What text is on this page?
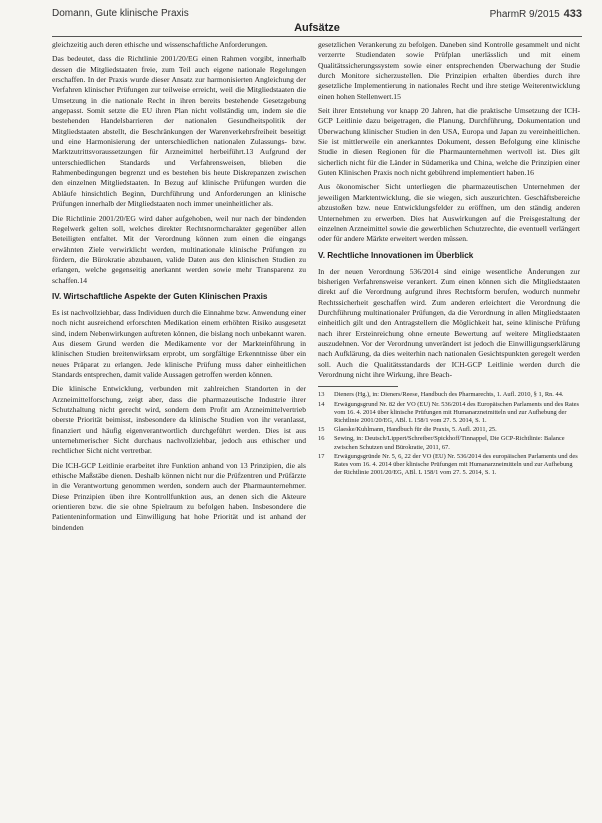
Domann, Gute klinische Praxis	PharmR 9/2015 433
Aufsätze

gleichzeitig auch deren ethische und wissenschaftliche Anforderungen.

Das bedeutet, dass die Richtlinie 2001/20/EG einen Rahmen vorgibt, innerhalb dessen die Mitgliedstaaten freie, zum Teil auch eigene nationale Regelungen erschaffen. In der Praxis wurde dieser Ansatz zur harmonisierten Angleichung der Verfahren klinischer Prüfungen zur teilweise erreicht, weil die Mitgliedstaaten die Umsetzung in die nationale Recht in ihren bereits bestehende Gesetzgebung angepasst. Somit setzte die EU ihren Plan nicht vollständig um, indem sie die bestehenden Handelsbarrieren der nationalen Gesundheitspolitik der Mitgliedstaaten abstellt, die Beschränkungen der Warenverkehrsfreiheit beseitigt und eine Harmonisierung der unterschiedlichen nationalen Zulassungs- bzw. Marktzutrittsvoraussetzungen für Arzneimittel herbeiführt.13 Aufgrund der unterschiedlichen Standards und Verfahrensweisen, blieben die Rahmenbedingungen begrenzt und es bestehen bis heute Diskrepanzen zwischen den einzelnen Mitgliedstaaten. In Bezug auf klinische Prüfungen wurden die Abläufe hinsichtlich Beginn, Durchführung und Anforderungen an klinische Prüfungen innerhalb der Mitgliedstaaten noch immer uneinheitlicher als.

Die Richtlinie 2001/20/EG wird daher aufgehoben, weil nur nach der bindenden Regelwerk gelten soll, welches direkter Rechtsnormcharakter gegenüber allen Beteiligten entfaltet. Mit der Verordnung können zum einen die eingangs erwähnten Ziele verwirklicht werden, multinationale klinische Prüfungen zu fördern, die Bürokratie abzubauen, valide Daten aus den klinischen Studien zu erlangen, welche gegenseitig anerkannt werden sowie mehr Transparenz zu schaffen.14

IV. Wirtschaftliche Aspekte der Guten Klinischen Praxis

Es ist nachvollziehbar, dass Individuen durch die Einnahme bzw. Anwendung einer noch nicht ausreichend erforschten Medikation einem erhöhten Risiko ausgesetzt sind, indem Nebenwirkungen auftreten können, die bislang noch unbekannt waren. Aus diesem Grund werden die Medikamente vor der Markteinführung in klinischen Studien breitenwirksam erprobt, um sorgfältige Erkenntnisse über ein neues Präparat zu erlangen. Jede klinische Prüfung muss daher einheitlichen Standards entsprechen, damit valide Aussagen getroffen werden können.

Die klinische Entwicklung, verbunden mit zahlreichen Standorten in der Arzneimittelforschung, zeigt aber, dass die pharmazeutische Industrie ihrer Schutzhaltung nicht gerecht wird, sondern dem Profit am Arzneimittelvertrieb oberste Priorität beimisst, insbesondere da klinische Studien von ihr veranlasst, finanziert und häufig eigenverantwortlich durchgeführt werden. Dies ist aus unternehmerischer Sicht durchaus nachvollziehbar, jedoch aus ethischer und rechtlicher Sicht nicht vertretbar.

Die ICH-GCP Leitlinie erarbeitet ihre Funktion anhand von 13 Prinzipien, die als ethische Maßstäbe dienen. Deshalb können nicht nur die Prüfzentren und Prüfärzte in die Verantwortung genommen werden, sondern auch der Pharmaunternehmer. Diese Prinzipien üben ihre Kontrollfunktion aus, an denen sich die Akteure orientieren bzw. die sie ohne Spielraum zu befolgen haben. Insbesondere die Patienteninformation und Einwilligung hat hohe Priorität und ist anhand der bindenden

gesetzlichen Verankerung zu befolgen. Daneben sind Kontrolle gesammelt und nicht verzerrte Studiendaten sowie Prüfplan unerlässlich und mit einem Qualitätssicherungssystem sowie einer entsprechenden Überwachung der Studie durch Monitore sicherzustellen. Die Prinzipien erhalten überdies durch ihre gesetzliche Implementierung in nationales Recht und ihre stetige Weiterentwicklung einen hohen Stellenwert.15

Seit ihrer Entstehung vor knapp 20 Jahren, hat die praktische Umsetzung der ICH-GCP Leitlinie dazu beigetragen, die Planung, Durchführung, Dokumentation und Überwachung klinischer Studien in den USA, Europa und Japan zu vereinheitlichen. Sie ist mittlerweile ein anerkanntes Dokument, dessen Befolgung eine klinische Studie in diesen Regionen für die Pharmaunternehmen wertvoll ist. Dies gilt sicherlich nicht für die Länder in Südamerika und China, welche die Prinzipien einer Guten Klinischen Praxis noch nicht gebührend implementiert haben.16

Aus ökonomischer Sicht unterliegen die pharmazeutischen Unternehmen der jeweiligen Marktentwicklung, die sie wiegen, sich auszurichten. Geschäftsbereiche abzustoßen bzw. neue Entwicklungsfelder zu eröffnen, um den ständig anderen Unternehmen zu erwerben. Dies hat Auswirkungen auf die Preisgestaltung der einzelnen Arzneimittel sowie die gewerblichen Schutzrechte, die eventuell verlängert oder für andere Märkte erweitert werden müssen.

V. Rechtliche Innovationen im Überblick

In der neuen Verordnung 536/2014 sind einige wesentliche Änderungen zur bisherigen Verfahrensweise verankert. Zum einen können sich die Mitgliedstaaten direkt auf die Verordnung aufgrund ihres Rechtsform berufen, wodurch nunmehr Rechtssicherheit geschaffen wird. Zum anderen erleichtert die Verordnung die Durchführung multinationaler Prüfungen, da die Verordnung in allen Mitgliedstaaten einheitlich gilt und den Antragstellern die Möglichkeit hat, seine klinische Prüfung nach ihrer Ersteinreichung ohne erneute Bewertung auf weitere Mitgliedstaaten auszudehnen. Vor der Verordnung unverändert ist jedoch die Einwilligungserklärung nach Aufklärung, da dies weiterhin nach nationalen Gesichtspunkten geregelt werden soll. Auch die Qualitätsstandards der ICH-GCP Leitlinie werden durch die Verordnung nicht ihre Wirkung, ihre Beach-

13	Dieners (Hg.), in: Dieners/Reese, Handbuch des Pharmarechts, 1. Aufl. 2010, § 1, Rn. 44.
14	Erwägungsgrund Nr. 82 der VO (EU) Nr. 536/2014 des Europäischen Parlaments und des Rates vom 16. 4. 2014 über klinische Prüfungen mit Humanarzneimitteln und zur Aufhebung der Richtlinie 2001/20/EG, ABl. L 158/1 vom 27. 5. 2014, S. 1.
15	Glaeske/Kuhlmann, Handbuch für die Praxis, 5. Aufl. 2011, 25.
16	Sewing, in: Deutsch/Lippert/Schreiber/Spickhoff/Tinnappel, Die GCP-Richtlinie: Balance zwischen Schutzen und Bürokratie, 2011, 67.
17	Erwägungsgründe Nr. 5, 6, 22 der VO (EU) Nr. 536/2014 des europäischen Parlaments und des Rates vom 16. 4. 2014 über klinische Prüfungen mit Humanarzneimitteln und zur Aufhebung der Richtlinie 2001/20/EG, ABl. L 158/1 vom 27. 5. 2014, S. 1.
